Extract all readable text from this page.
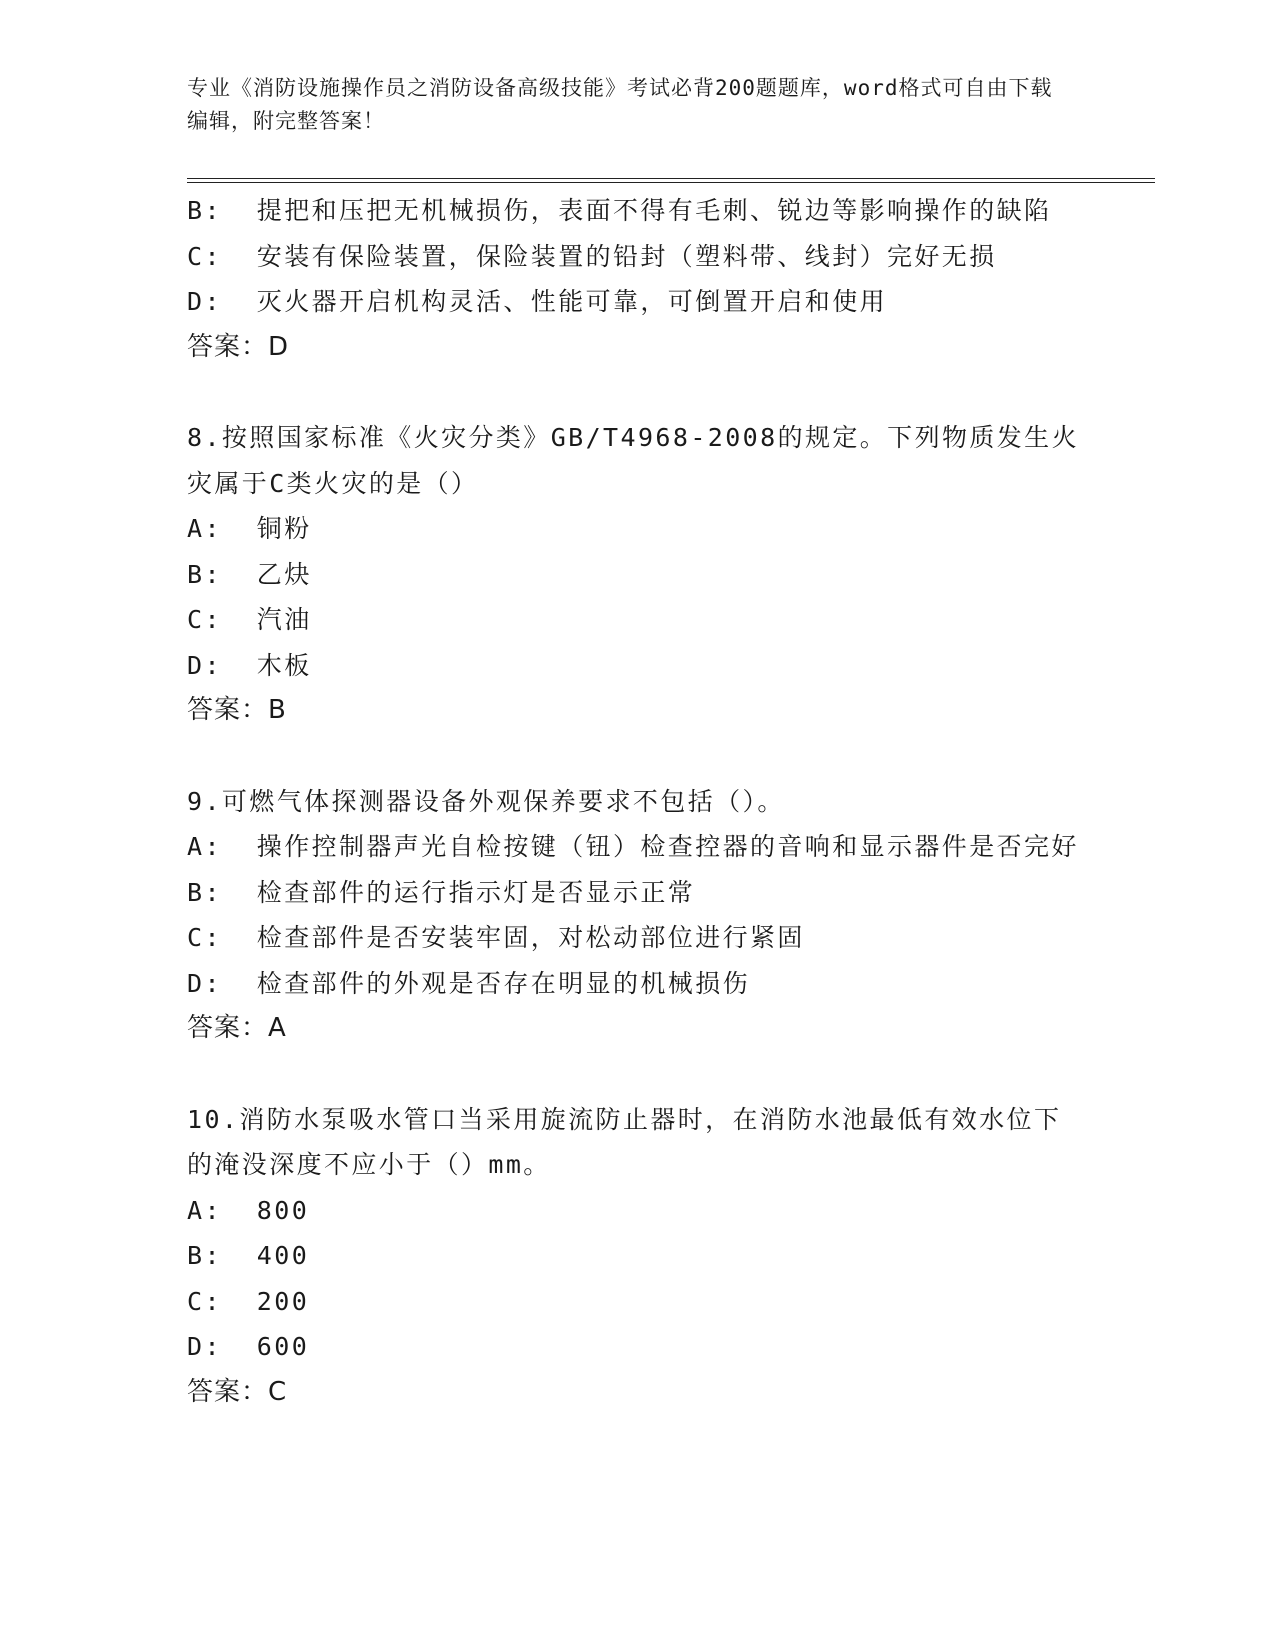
专业《消防设施操作员之消防设备高级技能》考试必背200题题库，word格式可自由下载编辑，附完整答案！
B:  提把和压把无机械损伤，表面不得有毛刺、锐边等影响操作的缺陷
C:  安装有保险装置，保险装置的铅封（塑料带、线封）完好无损
D:  灭火器开启机构灵活、性能可靠，可倒置开启和使用
答案：D
8.按照国家标准《火灾分类》GB/T4968-2008的规定。下列物质发生火灾属于C类火灾的是（）
A:  铜粉
B:  乙炔
C:  汽油
D:  木板
答案：B
9.可燃气体探测器设备外观保养要求不包括（）。
A:  操作控制器声光自检按键（钮）检查控器的音响和显示器件是否完好
B:  检查部件的运行指示灯是否显示正常
C:  检查部件是否安装牢固，对松动部位进行紧固
D:  检查部件的外观是否存在明显的机械损伤
答案：A
10.消防水泵吸水管口当采用旋流防止器时，在消防水池最低有效水位下的淹没深度不应小于（）mm。
A:  800
B:  400
C:  200
D:  600
答案：C
